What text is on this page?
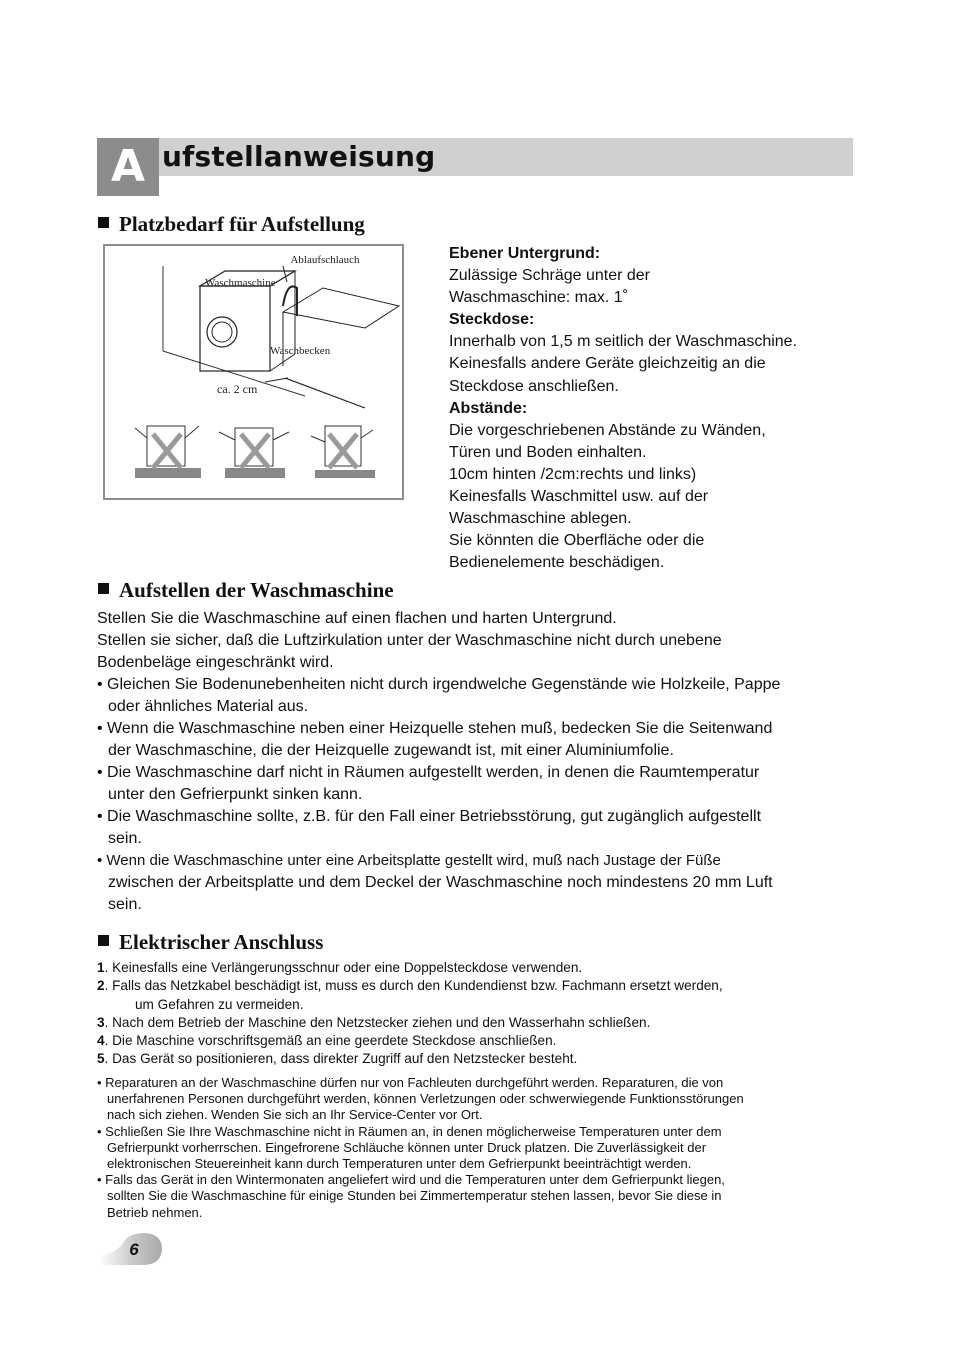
A ufstellanweisung
Platzbedarf für Aufstellung
Ablaufschlauch
Waschmaschine
Waschbecken
ca. 2 cm
Ebener Untergrund:
Zulässige Schräge unter der
Waschmaschine: max. 1˚
Steckdose:
Innerhalb von 1,5 m seitlich der Waschmaschine.
Keinesfalls andere Geräte gleichzeitig an die
Steckdose anschließen.
Abstände:
Die vorgeschriebenen Abstände zu Wänden,
Türen und Boden einhalten.
10cm hinten /2cm:rechts und links)
Keinesfalls Waschmittel usw. auf der
Waschmaschine ablegen.
Sie könnten die Oberfläche oder die
Bedienelemente beschädigen.
Aufstellen der Waschmaschine

Stellen Sie die Waschmaschine auf einen flachen und harten Untergrund.

Stellen sie sicher, daß die Luftzirkulation unter der Waschmaschine nicht durch unebene

Bodenbeläge eingeschränkt wird.

• Gleichen Sie Bodenunebenheiten nicht durch irgendwelche Gegenstände wie Holzkeile, Pappe
oder ähnliches Material aus.

• Wenn die Waschmaschine neben einer Heizquelle stehen muß, bedecken Sie die Seitenwand
der Waschmaschine, die der Heizquelle zugewandt ist, mit einer Aluminiumfolie.

• Die Waschmaschine darf nicht in Räumen aufgestellt werden, in denen die Raumtemperatur
unter den Gefrierpunkt sinken kann.

• Die Waschmaschine sollte, z.B. für den Fall einer Betriebsstörung, gut zugänglich aufgestellt
sein.

• Wenn die Waschmaschine unter eine Arbeitsplatte gestellt wird, muß nach Justage der Füße
zwischen der Arbeitsplatte und dem Deckel der Waschmaschine noch mindestens 20 mm Luft
sein.

Elektrischer Anschluss

1. Keinesfalls eine Verlängerungsschnur oder eine Doppelsteckdose verwenden.

2. Falls das Netzkabel beschädigt ist, muss es durch den Kundendienst bzw. Fachmann ersetzt werden,
um Gefahren zu vermeiden.

3. Nach dem Betrieb der Maschine den Netzstecker ziehen und den Wasserhahn schließen.

4. Die Maschine vorschriftsgemäß an eine geerdete Steckdose anschließen.

5. Das Gerät so positionieren, dass direkter Zugriff auf den Netzstecker besteht.

• Reparaturen an der Waschmaschine dürfen nur von Fachleuten durchgeführt werden. Reparaturen, die von
unerfahrenen Personen durchgeführt werden, können Verletzungen oder schwerwiegende Funktionsstörungen
nach sich ziehen. Wenden Sie sich an Ihr Service-Center vor Ort.

• Schließen Sie Ihre Waschmaschine nicht in Räumen an, in denen möglicherweise Temperaturen unter dem
Gefrierpunkt vorherrschen. Eingefrorene Schläuche können unter Druck platzen. Die Zuverlässigkeit der
elektronischen Steuereinheit kann durch Temperaturen unter dem Gefrierpunkt beeinträchtigt werden.

• Falls das Gerät in den Wintermonaten angeliefert wird und die Temperaturen unter dem Gefrierpunkt liegen,
sollten Sie die Waschmaschine für einige Stunden bei Zimmertemperatur stehen lassen, bevor Sie diese in
Betrieb nehmen.

6
